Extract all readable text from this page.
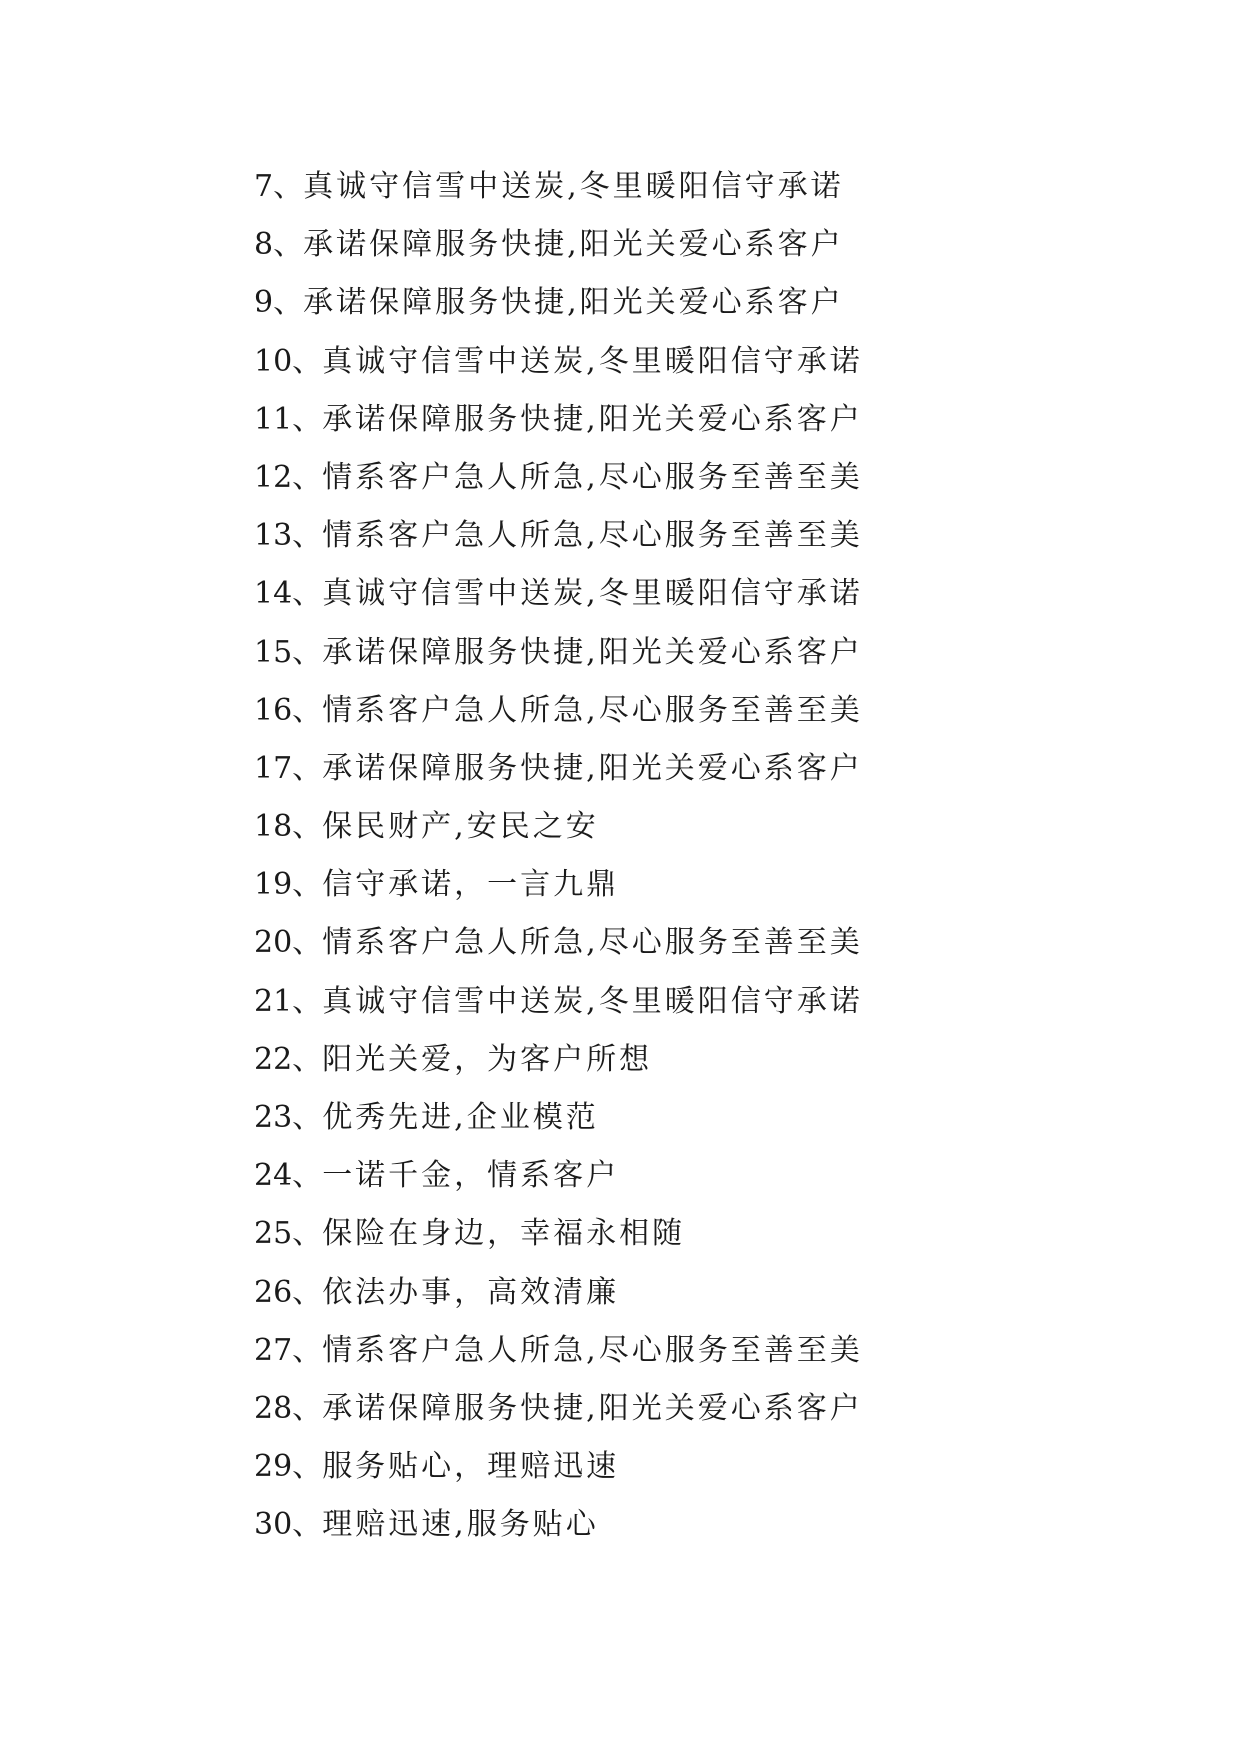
7、真诚守信雪中送炭,冬里暖阳信守承诺
8、承诺保障服务快捷,阳光关爱心系客户
9、承诺保障服务快捷,阳光关爱心系客户
10、真诚守信雪中送炭,冬里暖阳信守承诺
11、承诺保障服务快捷,阳光关爱心系客户
12、情系客户急人所急,尽心服务至善至美
13、情系客户急人所急,尽心服务至善至美
14、真诚守信雪中送炭,冬里暖阳信守承诺
15、承诺保障服务快捷,阳光关爱心系客户
16、情系客户急人所急,尽心服务至善至美
17、承诺保障服务快捷,阳光关爱心系客户
18、保民财产,安民之安
19、信守承诺，一言九鼎
20、情系客户急人所急,尽心服务至善至美
21、真诚守信雪中送炭,冬里暖阳信守承诺
22、阳光关爱，为客户所想
23、优秀先进,企业模范
24、一诺千金，情系客户
25、保险在身边，幸福永相随
26、依法办事，高效清廉
27、情系客户急人所急,尽心服务至善至美
28、承诺保障服务快捷,阳光关爱心系客户
29、服务贴心，理赔迅速
30、理赔迅速,服务贴心
